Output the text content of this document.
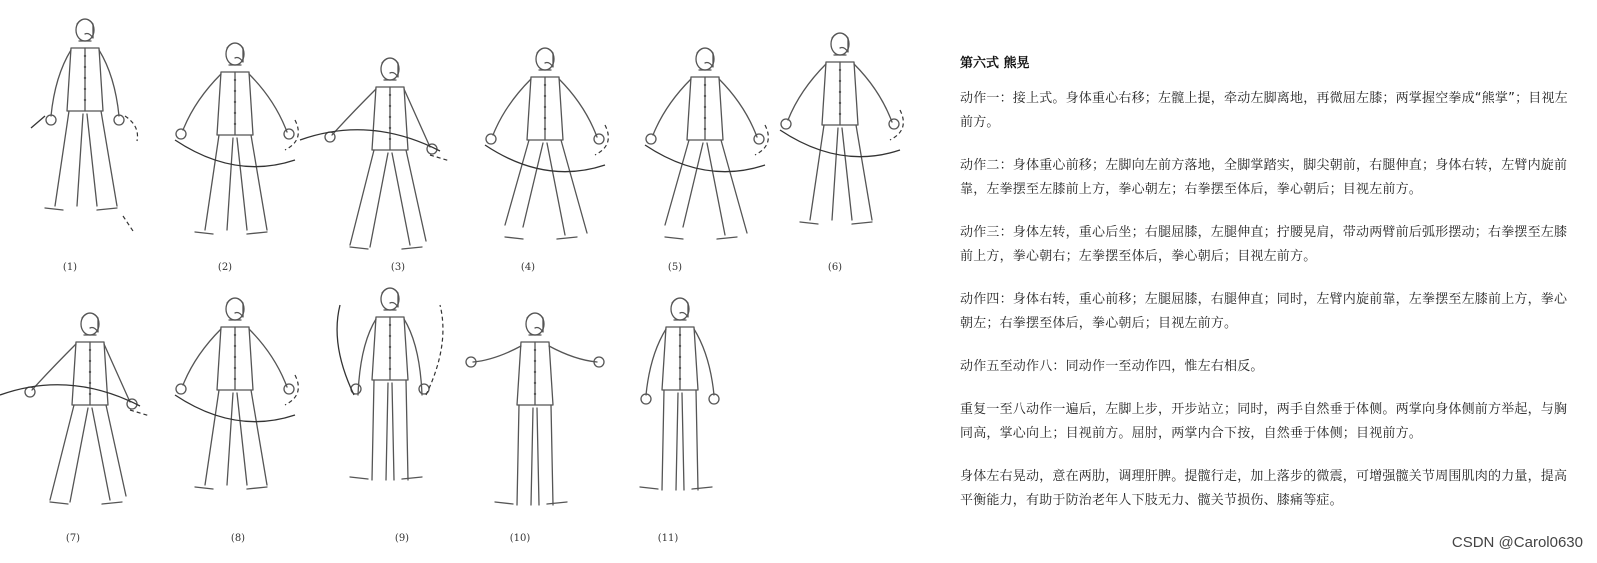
(1)	(2)	(3)	(4)	(5)	(6)
(7)	(8)	(9)	(10)	(11)
第六式 熊晃

动作一：接上式。身体重心右移；左髋上提，牵动左脚离地，再微屈左膝；两掌握空拳成“熊掌”；目视左前方。

动作二：身体重心前移；左脚向左前方落地，全脚掌踏实，脚尖朝前，右腿伸直；身体右转，左臂内旋前靠，左拳摆至左膝前上方，拳心朝左；右拳摆至体后，拳心朝后；目视左前方。

动作三：身体左转，重心后坐；右腿屈膝，左腿伸直；拧腰晃肩，带动两臂前后弧形摆动；右拳摆至左膝前上方，拳心朝右；左拳摆至体后，拳心朝后；目视左前方。

动作四：身体右转，重心前移；左腿屈膝，右腿伸直；同时，左臂内旋前靠，左拳摆至左膝前上方，拳心朝左；右拳摆至体后，拳心朝后；目视左前方。

动作五至动作八：同动作一至动作四，惟左右相反。

重复一至八动作一遍后，左脚上步，开步站立；同时，两手自然垂于体侧。两掌向身体侧前方举起，与胸同高，掌心向上；目视前方。屈肘，两掌内合下按，自然垂于体侧；目视前方。

身体左右晃动，意在两肋，调理肝脾。提髋行走，加上落步的微震，可增强髋关节周围肌肉的力量，提高平衡能力，有助于防治老年人下肢无力、髋关节损伤、膝痛等症。

CSDN @Carol0630
